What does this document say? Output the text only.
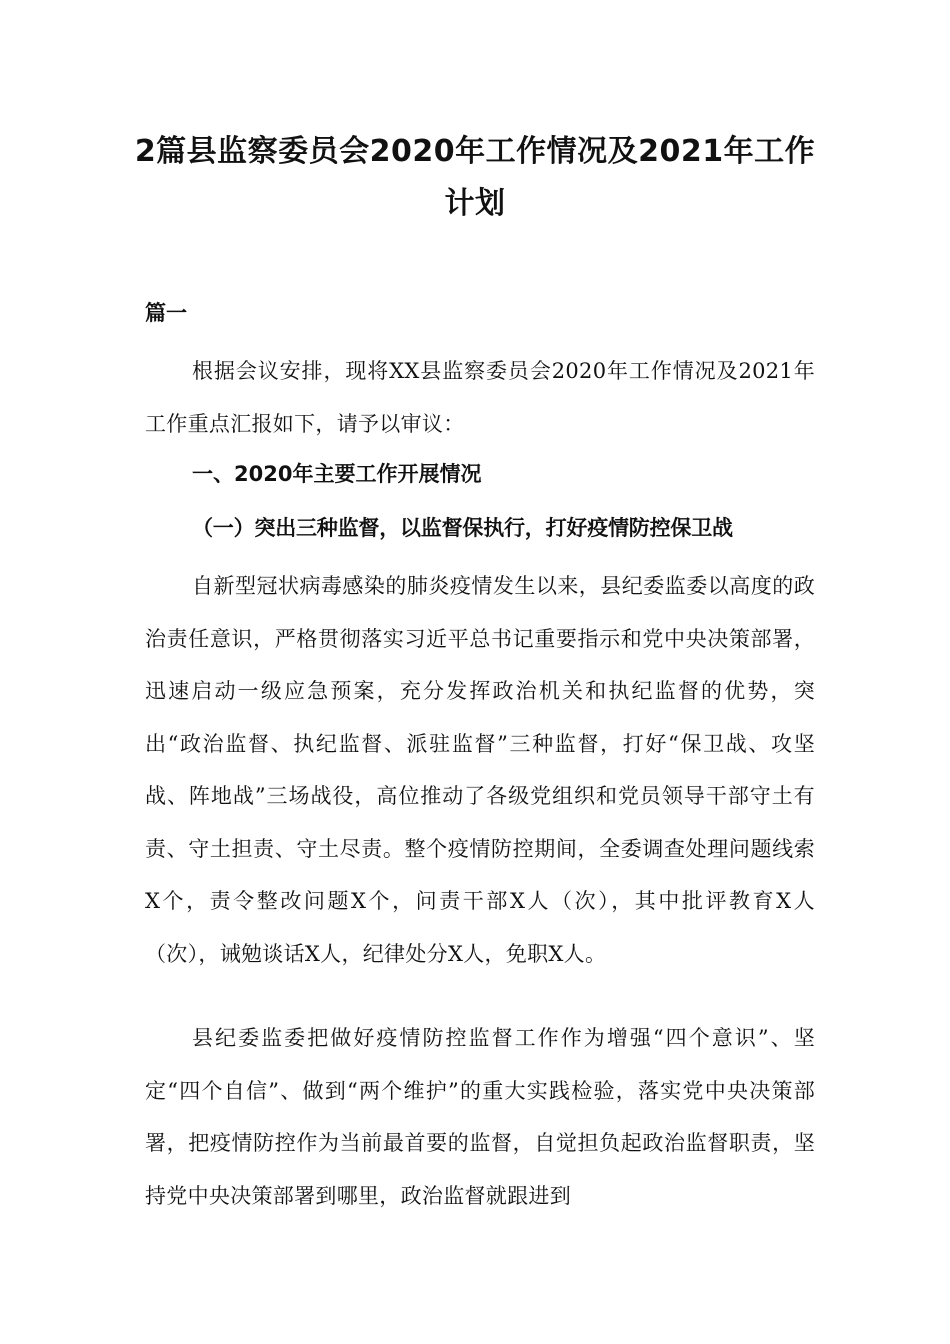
2篇县监察委员会2020年工作情况及2021年工作计划
篇一

根据会议安排，现将XX县监察委员会2020年工作情况及2021年工作重点汇报如下，请予以审议：

一、2020年主要工作开展情况
（一）突出三种监督，以监督保执行，打好疫情防控保卫战

自新型冠状病毒感染的肺炎疫情发生以来，县纪委监委以高度的政治责任意识，严格贯彻落实习近平总书记重要指示和党中央决策部署，迅速启动一级应急预案，充分发挥政治机关和执纪监督的优势，突出“政治监督、执纪监督、派驻监督”三种监督，打好“保卫战、攻坚战、阵地战”三场战役，高位推动了各级党组织和党员领导干部守土有责、守土担责、守土尽责。整个疫情防控期间，全委调查处理问题线索X个，责令整改问题X个，问责干部X人（次），其中批评教育X人（次），诫勉谈话X人，纪律处分X人，免职X人。

县纪委监委把做好疫情防控监督工作作为增强“四个意识”、坚定“四个自信”、做到“两个维护”的重大实践检验，落实党中央决策部署，把疫情防控作为当前最首要的监督，自觉担负起政治监督职责，坚持党中央决策部署到哪里，政治监督就跟进到
